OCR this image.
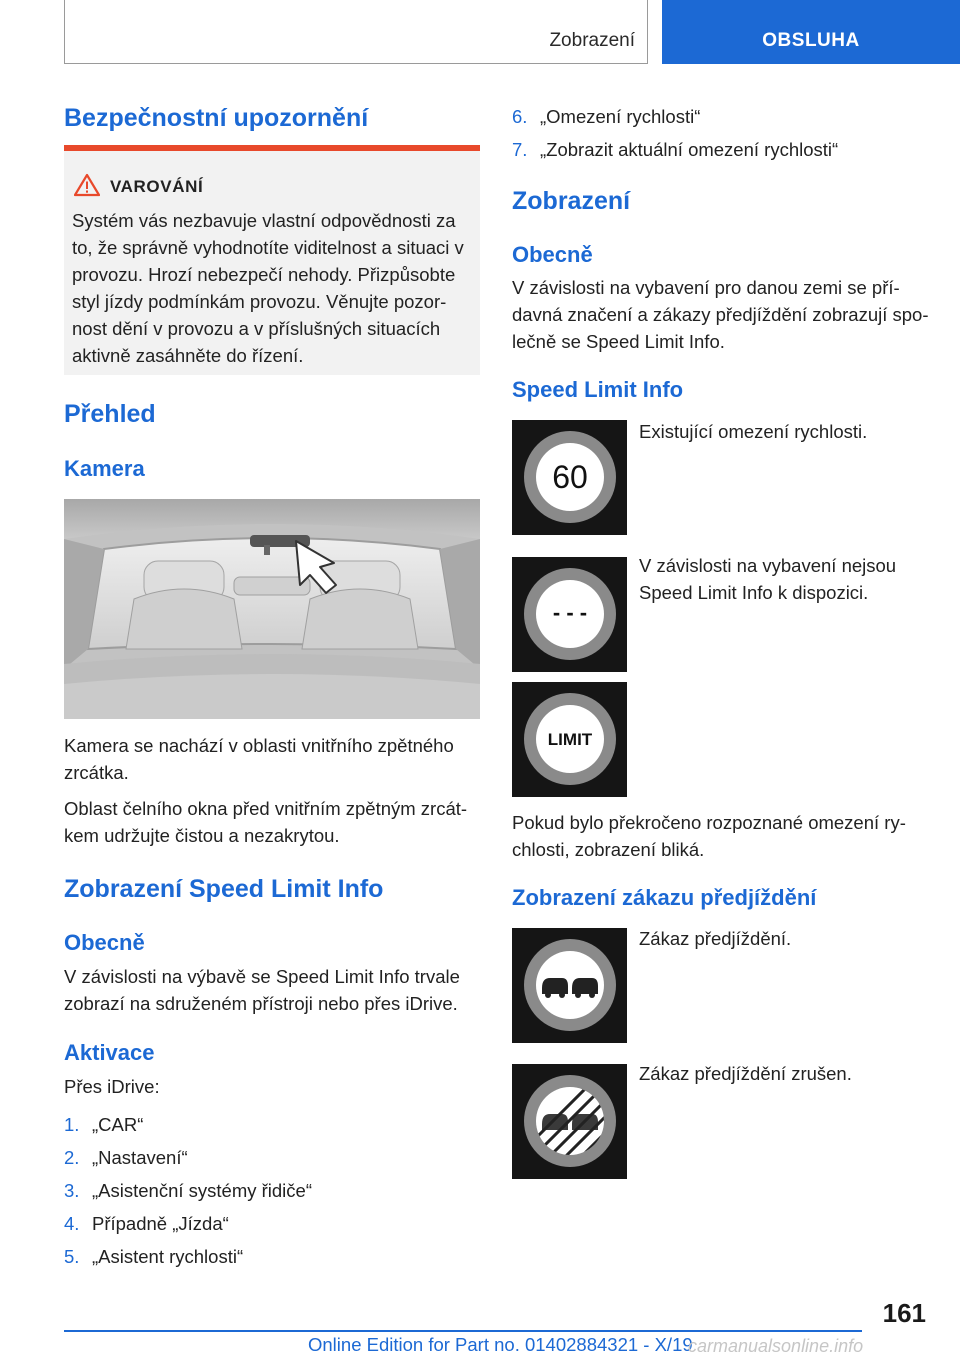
Zobrazení	OBSLUHA
Bezpečnostní upozornění
VAROVÁNÍ

Systém vás nezbavuje vlastní odpovědnosti za

to, že správně vyhodnotíte viditelnost a situaci v

provozu. Hrozí nebezpečí nehody. Přizpůsobte

styl jízdy podmínkám provozu. Věnujte pozor-

nost dění v provozu a v příslušných situacích

aktivně zasáhněte do řízení.

Přehled
Kamera

Kamera se nachází v oblasti vnitřního zpětného

zrcátka.

Oblast čelního okna před vnitřním zpětným zrcát-

kem udržujte čistou a nezakrytou.

Zobrazení Speed Limit Info
Obecně

V závislosti na výbavě se Speed Limit Info trvale

zobrazí na sdruženém přístroji nebo přes iDrive.

Aktivace

Přes iDrive:

1. „CAR“
2. „Nastavení“
3. „Asistenční systémy řidiče“
4. Případně „Jízda“
5. „Asistent rychlosti“
6. „Omezení rychlosti“
7. „Zobrazit aktuální omezení rychlosti“
Zobrazení
Obecně

V závislosti na vybavení pro danou zemi se pří-

davná značení a zákazy předjíždění zobrazují spo-

lečně se Speed Limit Info.

Speed Limit Info
60

Existující omezení rychlosti.

- - -

V závislosti na vybavení nejsou

Speed Limit Info k dispozici.

LIMIT

Pokud bylo překročeno rozpoznané omezení ry-

chlosti, zobrazení bliká.

Zobrazení zákazu předjíždění

Zákaz předjíždění.

Zákaz předjíždění zrušen.

161
Online Edition for Part no. 01402884321 - X/19
carmanualsonline.info
